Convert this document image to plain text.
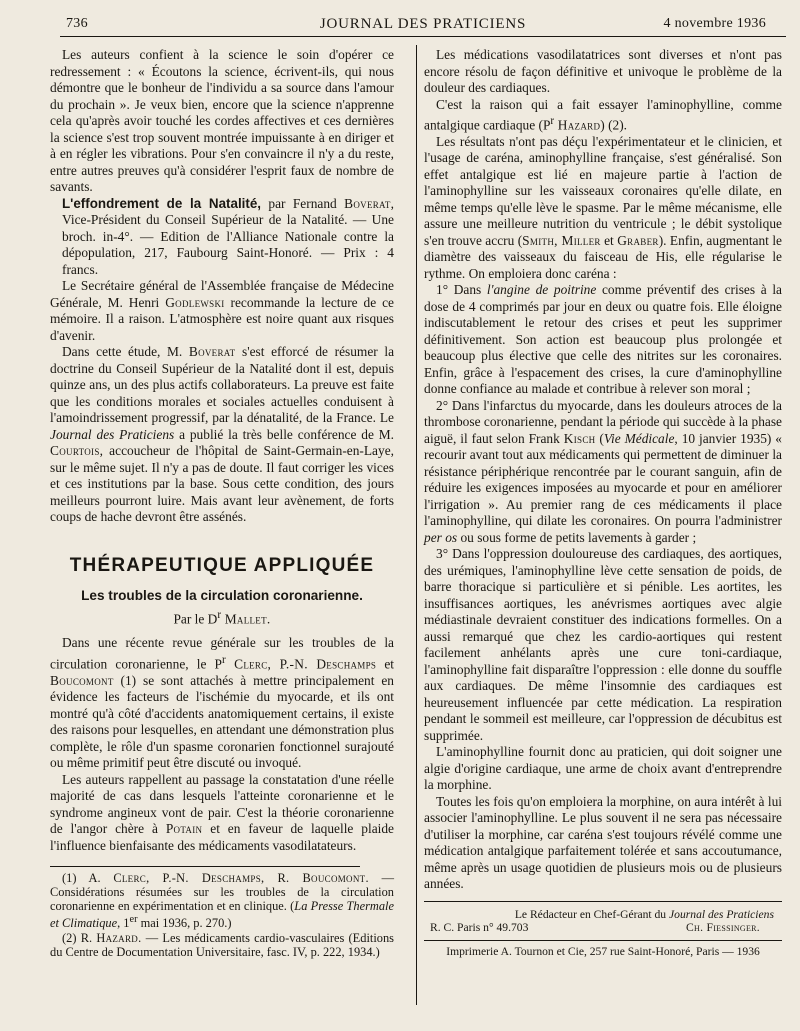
736	JOURNAL DES PRATICIENS	4 novembre 1936

Les auteurs confient à la science le soin d'opérer ce redressement : « Écoutons la science, écrivent-ils, qui nous démontre que le bonheur de l'individu a sa source dans l'amour du prochain ». Je veux bien, encore que la science n'apprenne cela qu'après avoir touché les cordes affectives et ces dernières la science s'est trop souvent montrée impuissante à en diriger et à en régler les vibrations. Pour s'en convaincre il n'y a du reste, entre autres preuves qu'à considérer l'esprit faux de nombre de savants.

L'effondrement de la Natalité, par Fernand Boverat, Vice-Président du Conseil Supérieur de la Natalité. — Une broch. in-4°. — Edition de l'Alliance Nationale contre la dépopulation, 217, Faubourg Saint-Honoré. — Prix : 4 francs.

Le Secrétaire général de l'Assemblée française de Médecine Générale, M. Henri Godlewski recommande la lecture de ce mémoire. Il a raison. L'atmosphère est noire quant aux risques d'avenir.

Dans cette étude, M. Boverat s'est efforcé de résumer la doctrine du Conseil Supérieur de la Natalité dont il est, depuis quinze ans, un des plus actifs collaborateurs. La preuve est faite que les conditions morales et sociales actuelles conduisent à l'amoindrissement progressif, par la dénatalité, de la France. Le Journal des Praticiens a publié la très belle conférence de M. Courtois, accoucheur de l'hôpital de Saint-Germain-en-Laye, sur le même sujet. Il n'y a pas de doute. Il faut corriger les vices et ces institutions par la base. Sous cette condition, des jours meilleurs pourront luire. Mais avant leur avènement, de forts coups de hache devront être assénés.

THÉRAPEUTIQUE APPLIQUÉE
Les troubles de la circulation coronarienne.
Par le $D^r$ Mallet.

Dans une récente revue générale sur les troubles de la circulation coronarienne, le $P^r$ Clerc, P.-N. Deschamps et Boucomont (1) se sont attachés à mettre principalement en évidence les facteurs de l'ischémie du myocarde, et ils ont montré qu'à côté d'accidents anatomiquement certains, il existe des raisons pour lesquelles, en attendant une démonstration plus complète, le rôle d'un spasme coronarien fonctionnel surajouté ou même primitif peut être discuté ou invoqué.

Les auteurs rappellent au passage la constatation d'une réelle majorité de cas dans lesquels l'atteinte coronarienne et le syndrome angineux vont de pair. C'est la théorie coronarienne de l'angor chère à Potain et en faveur de laquelle plaide l'influence bienfaisante des médicaments vasodilatateurs.

(1) A. Clerc, P.-N. Deschamps, R. Boucomont. — Considérations résumées sur les troubles de la circulation coronarienne en expérimentation et en clinique. (La Presse Thermale et Climatique, 1er mai 1936, p. 270.)

(2) R. Hazard. — Les médicaments cardio-vasculaires (Editions du Centre de Documentation Universitaire, fasc. IV, p. 222, 1934.)

Les médications vasodilatatrices sont diverses et n'ont pas encore résolu de façon définitive et univoque le problème de la douleur des cardiaques.

C'est la raison qui a fait essayer l'aminophylline, comme antalgique cardiaque ($P^r$ Hazard) (2).

Les résultats n'ont pas déçu l'expérimentateur et le clinicien, et l'usage de caréna, aminophylline française, s'est généralisé. Son effet antalgique est lié en majeure partie à l'action de l'aminophylline sur les vaisseaux coronaires qu'elle dilate, en même temps qu'elle lève le spasme. Par le même mécanisme, elle assure une meilleure nutrition du ventricule ; le débit systolique s'en trouve accru (Smith, Miller et Graber). Enfin, augmentant le diamètre des vaisseaux du faisceau de His, elle régularise le rythme. On emploiera donc caréna :

1° Dans l'angine de poitrine comme préventif des crises à la dose de 4 comprimés par jour en deux ou quatre fois. Elle éloigne indiscutablement le retour des crises et peut les supprimer définitivement. Son action est beaucoup plus prolongée et beaucoup plus élective que celle des nitrites sur les coronaires. Enfin, grâce à l'espacement des crises, la cure d'aminophylline donne confiance au malade et contribue à relever son moral ;

2° Dans l'infarctus du myocarde, dans les douleurs atroces de la thrombose coronarienne, pendant la période qui succède à la phase aiguë, il faut selon Frank Kisch (Vie Médicale, 10 janvier 1935) « recourir avant tout aux médicaments qui permettent de diminuer la résistance périphérique rencontrée par le courant sanguin, afin de réduire les exigences imposées au myocarde et pour en améliorer l'irrigation ». Au premier rang de ces médicaments il place l'aminophylline, qui dilate les coronaires. On pourra l'administrer per os ou sous forme de petits lavements à garder ;

3° Dans l'oppression douloureuse des cardiaques, des aortiques, des urémiques, l'aminophylline lève cette sensation de poids, de barre thoracique si particulière et si pénible. Les aortites, les insuffisances aortiques, les anévrismes aortiques avec algie médiastinale devraient constituer des indications formelles. On a aussi remarqué que chez les cardio-aortiques qui restent facilement anhélants après une cure toni-cardiaque, l'aminophylline fait disparaître l'oppression : elle donne du souffle aux cardiaques. De même l'insomnie des cardiaques est heureusement influencée par cette médication. La respiration pendant le sommeil est meilleure, car l'oppression de décubitus est supprimée.

L'aminophylline fournit donc au praticien, qui doit soigner une algie d'origine cardiaque, une arme de choix avant d'entreprendre la morphine.

Toutes les fois qu'on emploiera la morphine, on aura intérêt à lui associer l'aminophylline. Le plus souvent il ne sera pas nécessaire d'utiliser la morphine, car caréna s'est toujours révélé comme une médication antalgique parfaitement tolérée et sans accoutumance, même après un usage quotidien de plusieurs mois ou de plusieurs années.

Le Rédacteur en Chef-Gérant du Journal des Praticiens
R. C. Paris n° 49.703	Ch. Fiessinger.
Imprimerie A. Tournon et Cie, 257 rue Saint-Honoré, Paris — 1936
